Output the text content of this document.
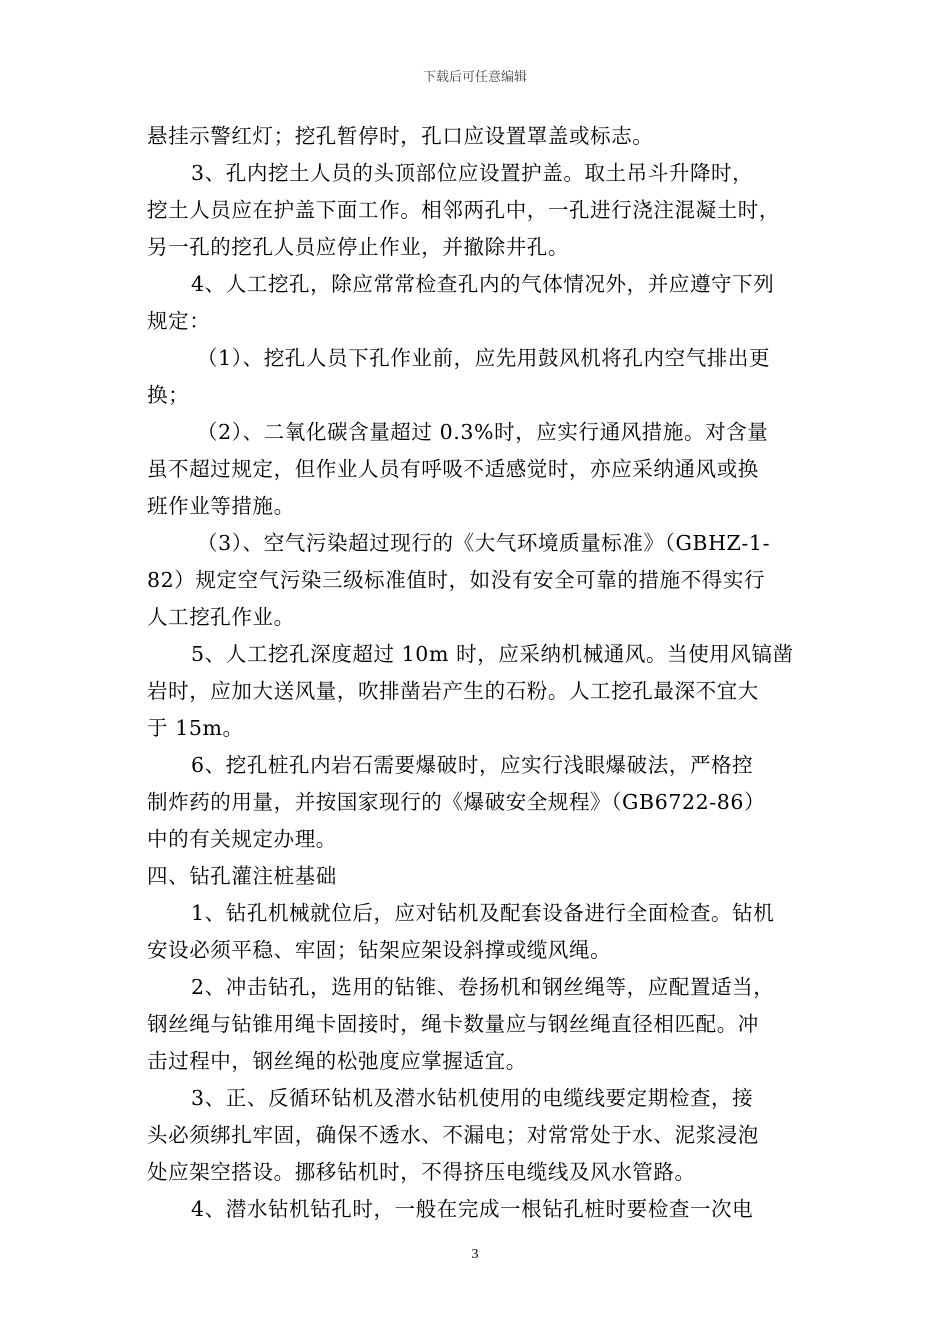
下载后可任意编辑
悬挂示警红灯；挖孔暂停时，孔口应设置罩盖或标志。
3、孔内挖土人员的头顶部位应设置护盖。取土吊斗升降时，
挖土人员应在护盖下面工作。相邻两孔中，一孔进行浇注混凝土时，
另一孔的挖孔人员应停止作业，并撤除井孔。
4、人工挖孔，除应常常检查孔内的气体情况外，并应遵守下列
规定：
（1）、挖孔人员下孔作业前，应先用鼓风机将孔内空气排出更
换；
（2）、二氧化碳含量超过 0.3%时，应实行通风措施。对含量
虽不超过规定，但作业人员有呼吸不适感觉时，亦应采纳通风或换
班作业等措施。
（3）、空气污染超过现行的《大气环境质量标准》（GBHZ-1-
82）规定空气污染三级标准值时，如没有安全可靠的措施不得实行
人工挖孔作业。
5、人工挖孔深度超过 10m 时，应采纳机械通风。当使用风镐凿
岩时，应加大送风量，吹排凿岩产生的石粉。人工挖孔最深不宜大
于 15m。
6、挖孔桩孔内岩石需要爆破时，应实行浅眼爆破法，严格控
制炸药的用量，并按国家现行的《爆破安全规程》（GB6722-86）
中的有关规定办理。
四、钻孔灌注桩基础
1、钻孔机械就位后，应对钻机及配套设备进行全面检查。钻机
安设必须平稳、牢固；钻架应架设斜撑或缆风绳。
2、冲击钻孔，选用的钻锥、卷扬机和钢丝绳等，应配置适当，
钢丝绳与钻锥用绳卡固接时，绳卡数量应与钢丝绳直径相匹配。冲
击过程中，钢丝绳的松弛度应掌握适宜。
3、正、反循环钻机及潜水钻机使用的电缆线要定期检查，接
头必须绑扎牢固，确保不透水、不漏电；对常常处于水、泥浆浸泡
处应架空搭设。挪移钻机时，不得挤压电缆线及风水管路。
4、潜水钻机钻孔时，一般在完成一根钻孔桩时要检查一次电
3
